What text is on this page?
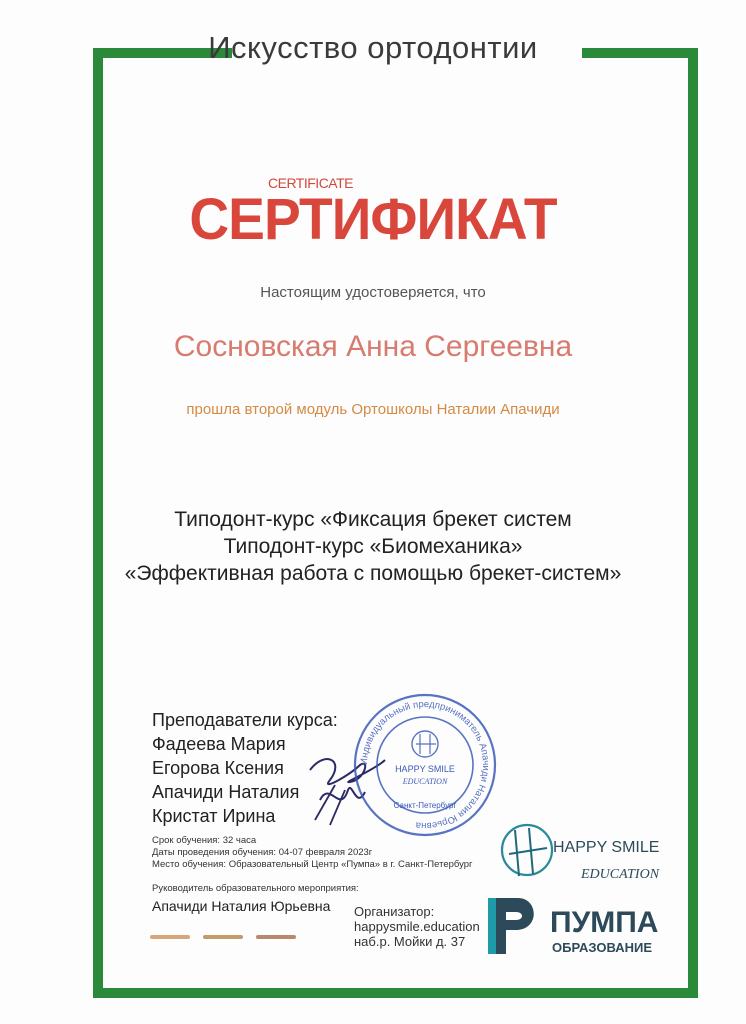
Искусство ортодонтии
CERTIFICATE
СЕРТИФИКАТ
Настоящим удостоверяется, что
Сосновская Анна Сергеевна
прошла второй модуль Ортошколы Наталии Апачиди
Типодонт-курс «Фиксация брекет систем
Типодонт-курс «Биомеханика»
«Эффективная работа с помощью брекет-систем»
Преподаватели курса:
Фадеева Мария
Егорова Ксения
Апачиди Наталия
Кристат Ирина
Индивидуальный предприниматель Апачиди Наталия Юрьевна
HAPPY SMILE
EDUCATION
Санкт-Петербург
Срок обучения: 32 часа
Даты проведения обучения: 04-07 февраля 2023г
Место обучения: Образовательный Центр «Пумпа» в г. Санкт-Петербург
Руководитель образовательного мероприятия:
Апачиди Наталия Юрьевна Организатор:
happysmile.education
наб.р. Мойки д. 37
HAPPY SMILE
EDUCATION
ПУМПА
ОБРАЗОВАНИЕ
